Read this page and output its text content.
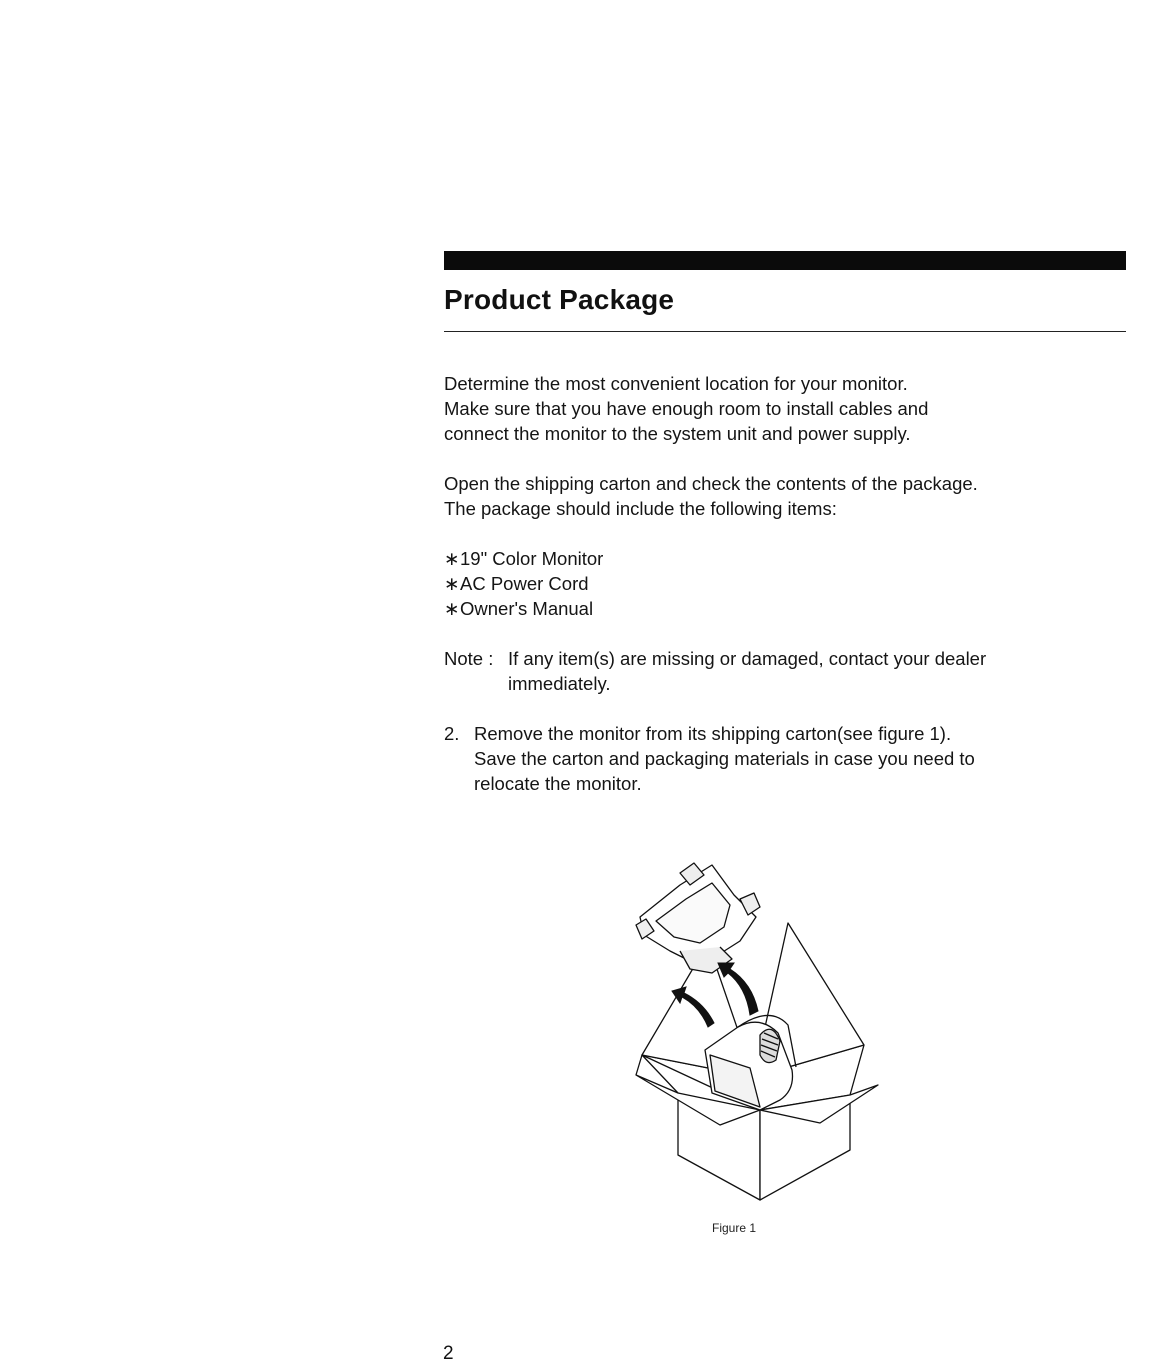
Product Package

Determine the most convenient location for your monitor.

Make sure that you have enough room to install cables and

connect the monitor to the system unit and power supply.

Open the shipping carton and check the contents of the package.

The package should include the following items:

∗19" Color Monitor

∗AC Power Cord

∗Owner's Manual

Note : If any item(s) are missing or damaged, contact your dealer

immediately.

2. Remove the monitor from its shipping carton(see figure 1).

Save the carton and packaging materials in case you need to

relocate the monitor.

Figure 1
2
